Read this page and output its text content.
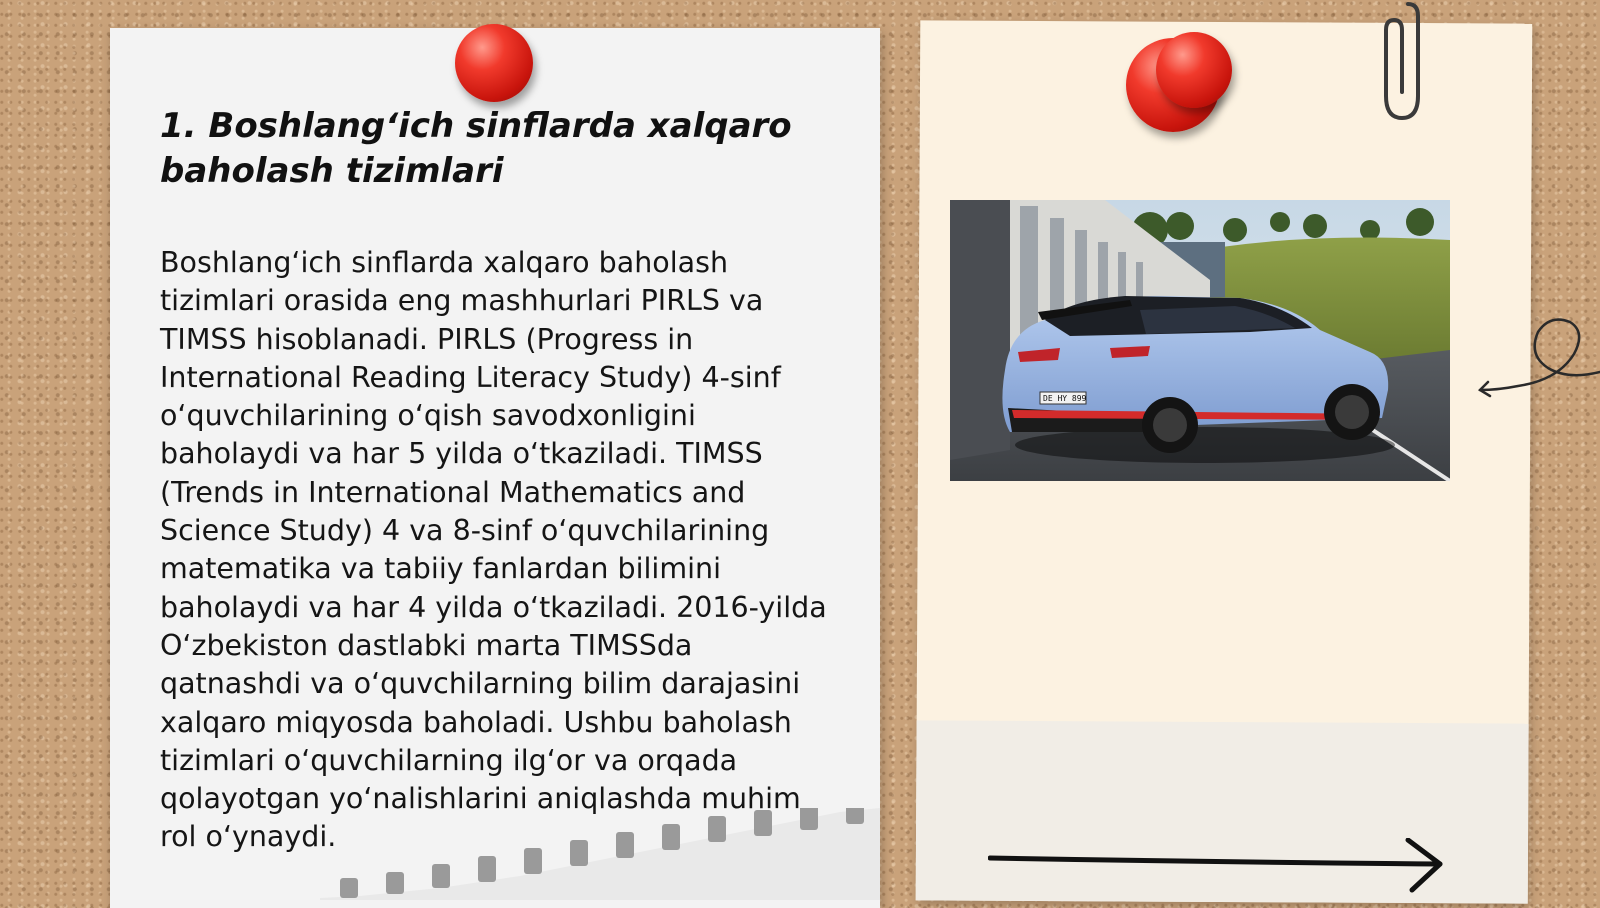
1. Boshlang‘ich sinflarda xalqaro baholash tizimlari

Boshlang‘ich sinflarda xalqaro baholash tizimlari orasida eng mashhurlari PIRLS va TIMSS hisoblanadi. PIRLS (Progress in International Reading Literacy Study) 4-sinf o‘quvchilarining o‘qish savodxonligini baholaydi va har 5 yilda o‘tkaziladi. TIMSS (Trends in International Mathematics and Science Study) 4 va 8-sinf o‘quvchilarining matematika va tabiiy fanlardan bilimini baholaydi va har 4 yilda o‘tkaziladi. 2016-yilda O‘zbekiston dastlabki marta TIMSSda qatnashdi va o‘quvchilarning bilim darajasini xalqaro miqyosda baholadi. Ushbu baholash tizimlari o‘quvchilarning ilg‘or va orqada qolayotgan yo‘nalishlarini aniqlashda muhim rol o‘ynaydi.

DE HY 899
